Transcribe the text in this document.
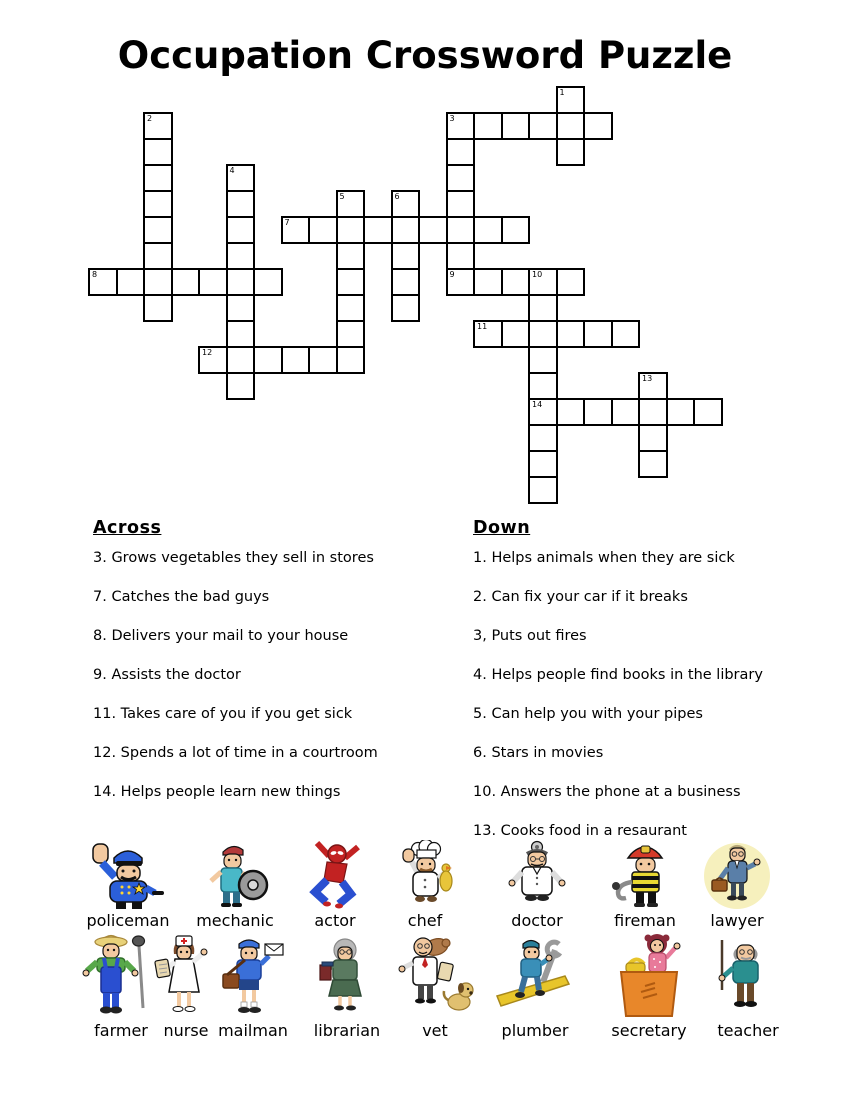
Occupation Crossword Puzzle
1
2	3
9
4
5	6
7
8	10
14
11
12
13
Across
3. Grows vegetables they sell in stores
7. Catches the bad guys
8. Delivers your mail to your house
9. Assists the doctor
11. Takes care of you if you get sick
12. Spends a lot of time in a courtroom
14. Helps people learn new things
Down
1. Helps animals when they are sick
2. Can fix your car if it breaks
3, Puts out fires
4. Helps people find books in the library
5. Can help you with your pipes
6. Stars in movies
10. Answers the phone at a business
13. Cooks food in a resaurant
policeman	mechanic	actor	chef	doctor	fireman	lawyer
farmer nurse mailman	librarian	vet	plumber	secretary	teacher
